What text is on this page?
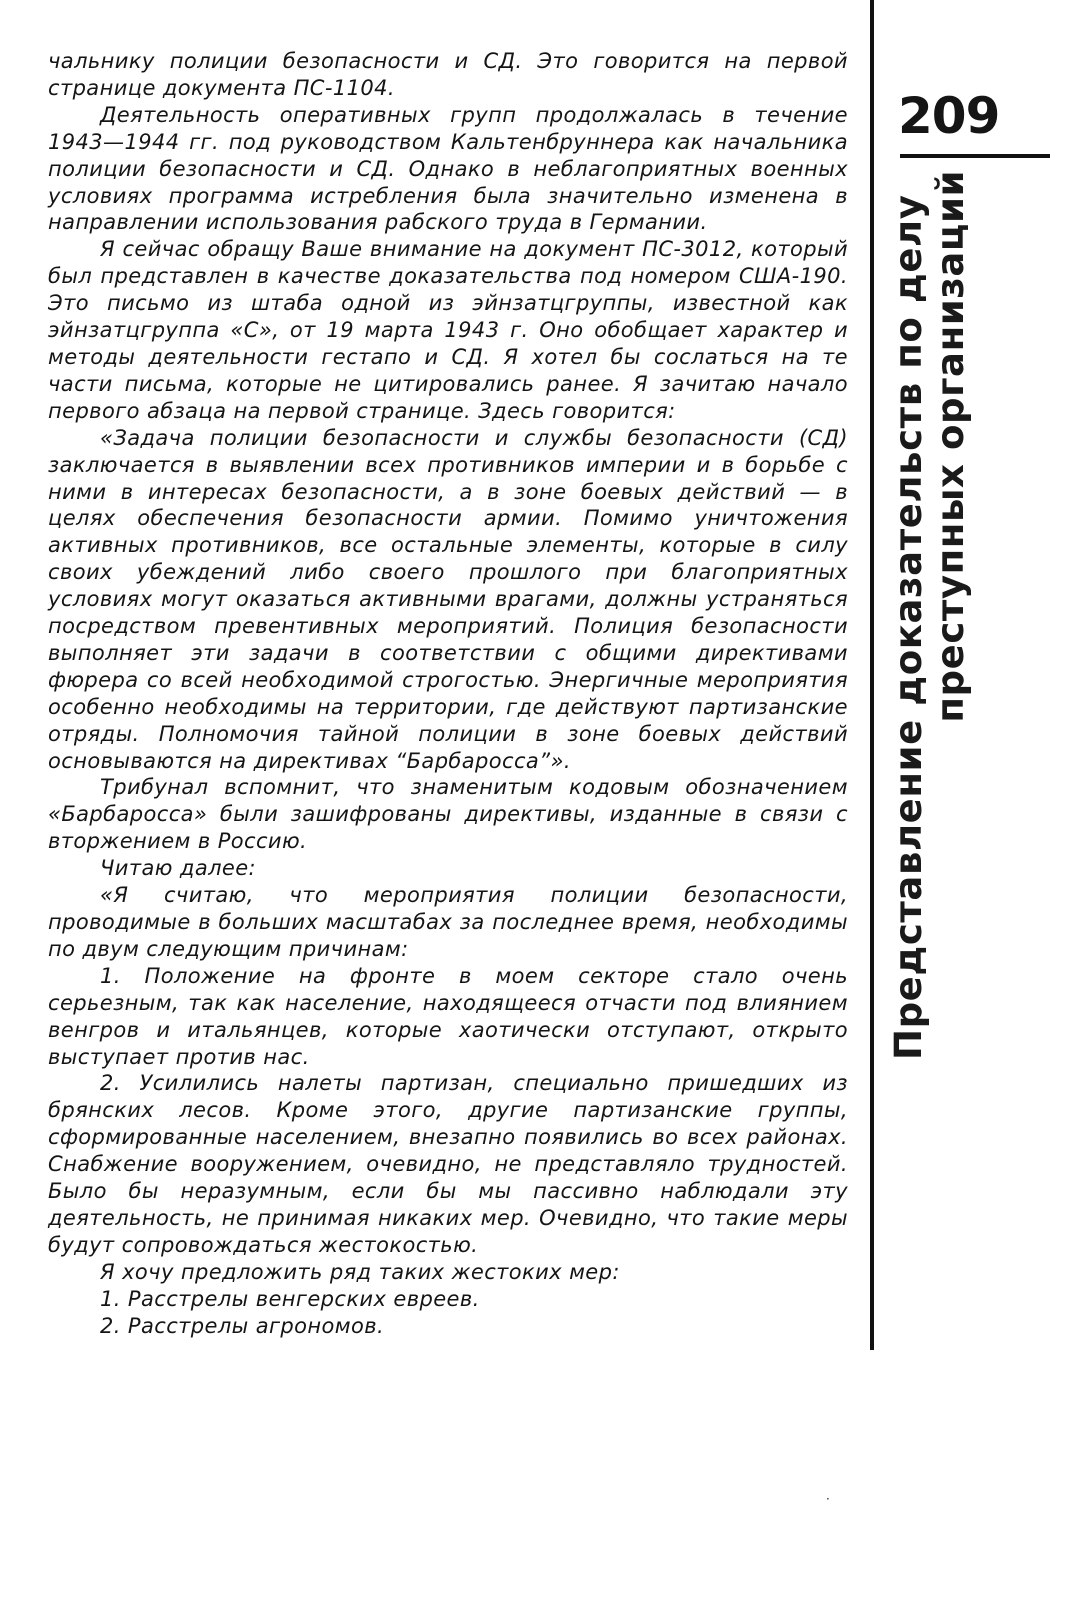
чальнику полиции безопасности и СД. Это говорится на первой странице документа ПС-1104.

Деятельность оперативных групп продолжалась в течение 1943—1944 гг. под руководством Кальтенбруннера как начальника полиции безопасности и СД. Однако в неблагоприятных военных условиях программа истребления была значительно изменена в направлении использования рабского труда в Германии.

Я сейчас обращу Ваше внимание на документ ПС-3012, который был представлен в качестве доказательства под номером США-190. Это письмо из штаба одной из эйнзатцгруппы, известной как эйнзатцгруппа «С», от 19 марта 1943 г. Оно обобщает характер и методы деятельности гестапо и СД. Я хотел бы сослаться на те части письма, которые не цитировались ранее. Я зачитаю начало первого абзаца на первой странице. Здесь говорится:

«Задача полиции безопасности и службы безопасности (СД) заключается в выявлении всех противников империи и в борьбе с ними в интересах безопасности, а в зоне боевых действий — в целях обеспечения безопасности армии. Помимо уничтожения активных противников, все остальные элементы, которые в силу своих убеждений либо своего прошлого при благоприятных условиях могут оказаться активными врагами, должны устраняться посредством превентивных мероприятий. Полиция безопасности выполняет эти задачи в соответствии с общими директивами фюрера со всей необходимой строгостью. Энергичные мероприятия особенно необходимы на территории, где действуют партизанские отряды. Полномочия тайной полиции в зоне боевых действий основываются на директивах “Барбаросса”».

Трибунал вспомнит, что знаменитым кодовым обозначением «Барбаросса» были зашифрованы директивы, изданные в связи с вторжением в Россию.

Читаю далее:

«Я считаю, что мероприятия полиции безопасности, проводимые в больших масштабах за последнее время, необходимы по двум следующим причинам:

1. Положение на фронте в моем секторе стало очень серьезным, так как население, находящееся отчасти под влиянием венгров и итальянцев, которые хаотически отступают, открыто выступает против нас.

2. Усилились налеты партизан, специально пришедших из брянских лесов. Кроме этого, другие партизанские группы, сформированные населением, внезапно появились во всех районах. Снабжение вооружением, очевидно, не представляло трудностей. Было бы неразумным, если бы мы пассивно наблюдали эту деятельность, не принимая никаких мер. Очевидно, что такие меры будут сопровождаться жестокостью.

Я хочу предложить ряд таких жестоких мер:

1. Расстрелы венгерских евреев.

2. Расстрелы агрономов.

209
Представление доказательств по делу преступных организаций
·
